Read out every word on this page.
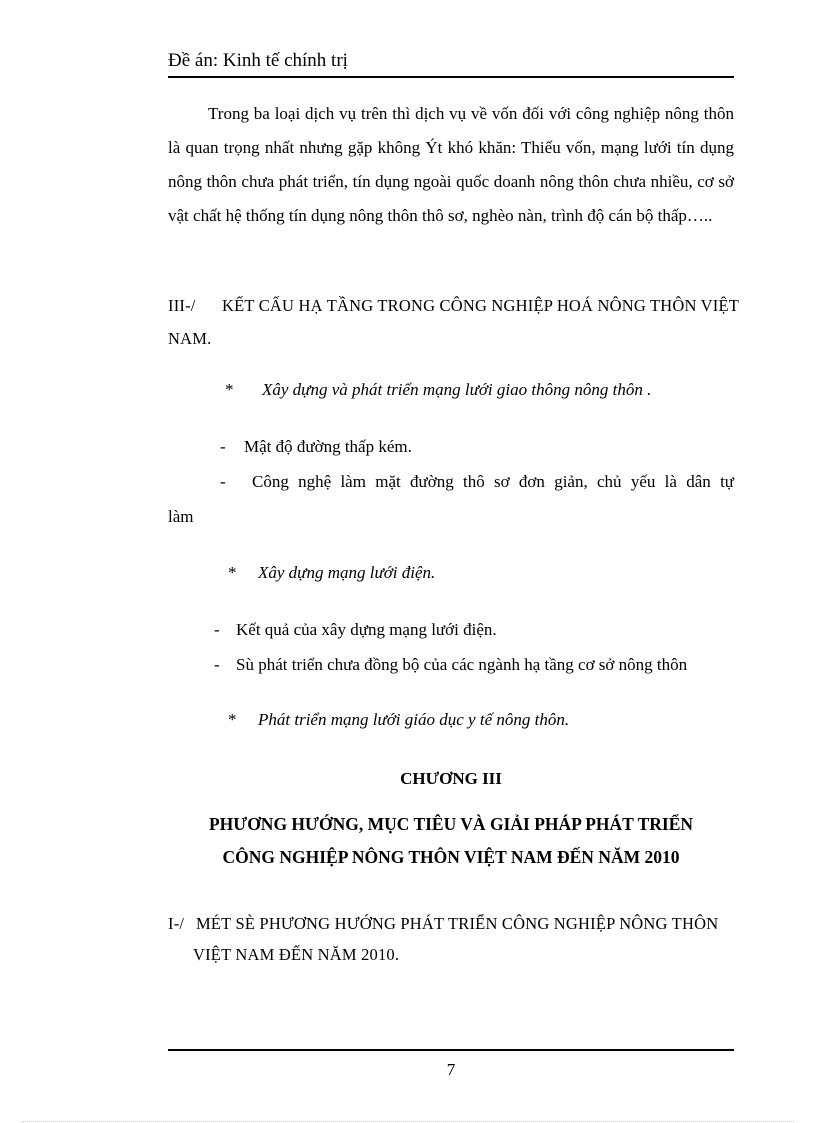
Đề án: Kinh tế chính trị
Trong ba loại dịch vụ trên thì dịch vụ về vốn đối với công nghiệp nông thôn là quan trọng nhất nhưng gặp không Ýt khó khăn: Thiếu vốn, mạng lưới tín dụng nông thôn chưa phát triển, tín dụng ngoài quốc doanh nông thôn chưa nhiều, cơ sở vật chất hệ thống tín dụng nông thôn thô sơ, nghèo nàn, trình độ cán bộ thấp…..
III-/ KẾT CẤU HẠ TẦNG TRONG CÔNG NGHIỆP HOÁ NÔNG THÔN VIỆT
NAM.
* Xây dựng và phát triển mạng lưới giao thông nông thôn .
- Mật độ đường thấp kém.
- Công nghệ làm mặt đường thô sơ đơn giản, chủ yếu là dân tự
làm
* Xây dựng mạng lưới điện.
- Kết quả của xây dựng mạng lưới điện.
- Sù phát triển chưa đồng bộ của các ngành hạ tầng cơ sở nông thôn
* Phát triển mạng lưới giáo dục y tế nông thôn.
CHƯƠNG III
PHƯƠNG HƯỚNG, MỤC TIÊU VÀ GIẢI PHÁP PHÁT TRIỂN
CÔNG NGHIỆP NÔNG THÔN VIỆT NAM ĐẾN NĂM 2010
I-/ MÉT SÈ PHƯƠNG HƯỚNG PHÁT TRIỂN CÔNG NGHIỆP NÔNG THÔN
VIỆT NAM ĐẾN NĂM 2010.
7
